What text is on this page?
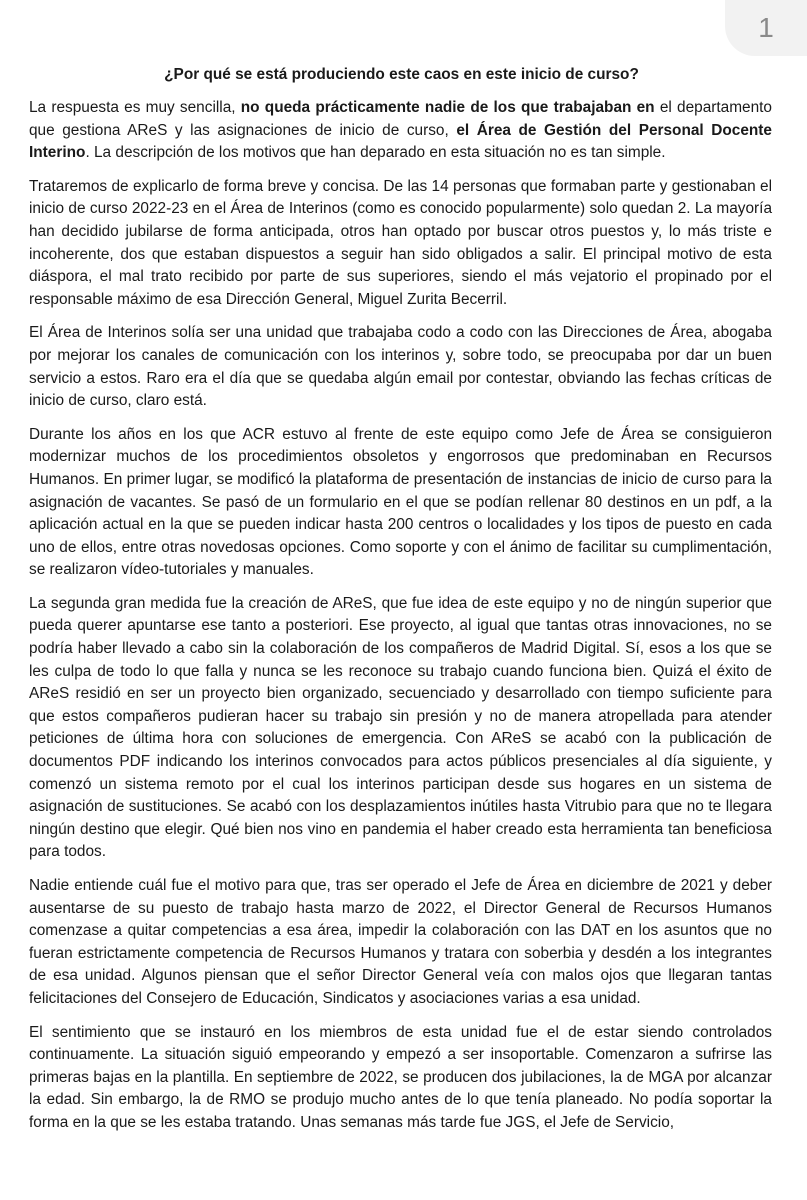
1
¿Por qué se está produciendo este caos en este inicio de curso?

La respuesta es muy sencilla, no queda prácticamente nadie de los que trabajaban en el departamento que gestiona AReS y las asignaciones de inicio de curso, el Área de Gestión del Personal Docente Interino. La descripción de los motivos que han deparado en esta situación no es tan simple.

Trataremos de explicarlo de forma breve y concisa. De las 14 personas que formaban parte y gestionaban el inicio de curso 2022-23 en el Área de Interinos (como es conocido popularmente) solo quedan 2. La mayoría han decidido jubilarse de forma anticipada, otros han optado por buscar otros puestos y, lo más triste e incoherente, dos que estaban dispuestos a seguir han sido obligados a salir. El principal motivo de esta diáspora, el mal trato recibido por parte de sus superiores, siendo el más vejatorio el propinado por el responsable máximo de esa Dirección General, Miguel Zurita Becerril.

El Área de Interinos solía ser una unidad que trabajaba codo a codo con las Direcciones de Área, abogaba por mejorar los canales de comunicación con los interinos y, sobre todo, se preocupaba por dar un buen servicio a estos. Raro era el día que se quedaba algún email por contestar, obviando las fechas críticas de inicio de curso, claro está.

Durante los años en los que ACR estuvo al frente de este equipo como Jefe de Área se consiguieron modernizar muchos de los procedimientos obsoletos y engorrosos que predominaban en Recursos Humanos. En primer lugar, se modificó la plataforma de presentación de instancias de inicio de curso para la asignación de vacantes. Se pasó de un formulario en el que se podían rellenar 80 destinos en un pdf, a la aplicación actual en la que se pueden indicar hasta 200 centros o localidades y los tipos de puesto en cada uno de ellos, entre otras novedosas opciones. Como soporte y con el ánimo de facilitar su cumplimentación, se realizaron vídeo-tutoriales y manuales.

La segunda gran medida fue la creación de AReS, que fue idea de este equipo y no de ningún superior que pueda querer apuntarse ese tanto a posteriori. Ese proyecto, al igual que tantas otras innovaciones, no se podría haber llevado a cabo sin la colaboración de los compañeros de Madrid Digital. Sí, esos a los que se les culpa de todo lo que falla y nunca se les reconoce su trabajo cuando funciona bien. Quizá el éxito de AReS residió en ser un proyecto bien organizado, secuenciado y desarrollado con tiempo suficiente para que estos compañeros pudieran hacer su trabajo sin presión y no de manera atropellada para atender peticiones de última hora con soluciones de emergencia. Con AReS se acabó con la publicación de documentos PDF indicando los interinos convocados para actos públicos presenciales al día siguiente, y comenzó un sistema remoto por el cual los interinos participan desde sus hogares en un sistema de asignación de sustituciones. Se acabó con los desplazamientos inútiles hasta Vitrubio para que no te llegara ningún destino que elegir. Qué bien nos vino en pandemia el haber creado esta herramienta tan beneficiosa para todos.

Nadie entiende cuál fue el motivo para que, tras ser operado el Jefe de Área en diciembre de 2021 y deber ausentarse de su puesto de trabajo hasta marzo de 2022, el Director General de Recursos Humanos comenzase a quitar competencias a esa área, impedir la colaboración con las DAT en los asuntos que no fueran estrictamente competencia de Recursos Humanos y tratara con soberbia y desdén a los integrantes de esa unidad. Algunos piensan que el señor Director General veía con malos ojos que llegaran tantas felicitaciones del Consejero de Educación, Sindicatos y asociaciones varias a esa unidad.

El sentimiento que se instauró en los miembros de esta unidad fue el de estar siendo controlados continuamente. La situación siguió empeorando y empezó a ser insoportable. Comenzaron a sufrirse las primeras bajas en la plantilla. En septiembre de 2022, se producen dos jubilaciones, la de MGA por alcanzar la edad. Sin embargo, la de RMO se produjo mucho antes de lo que tenía planeado. No podía soportar la forma en la que se les estaba tratando. Unas semanas más tarde fue JGS, el Jefe de Servicio,
